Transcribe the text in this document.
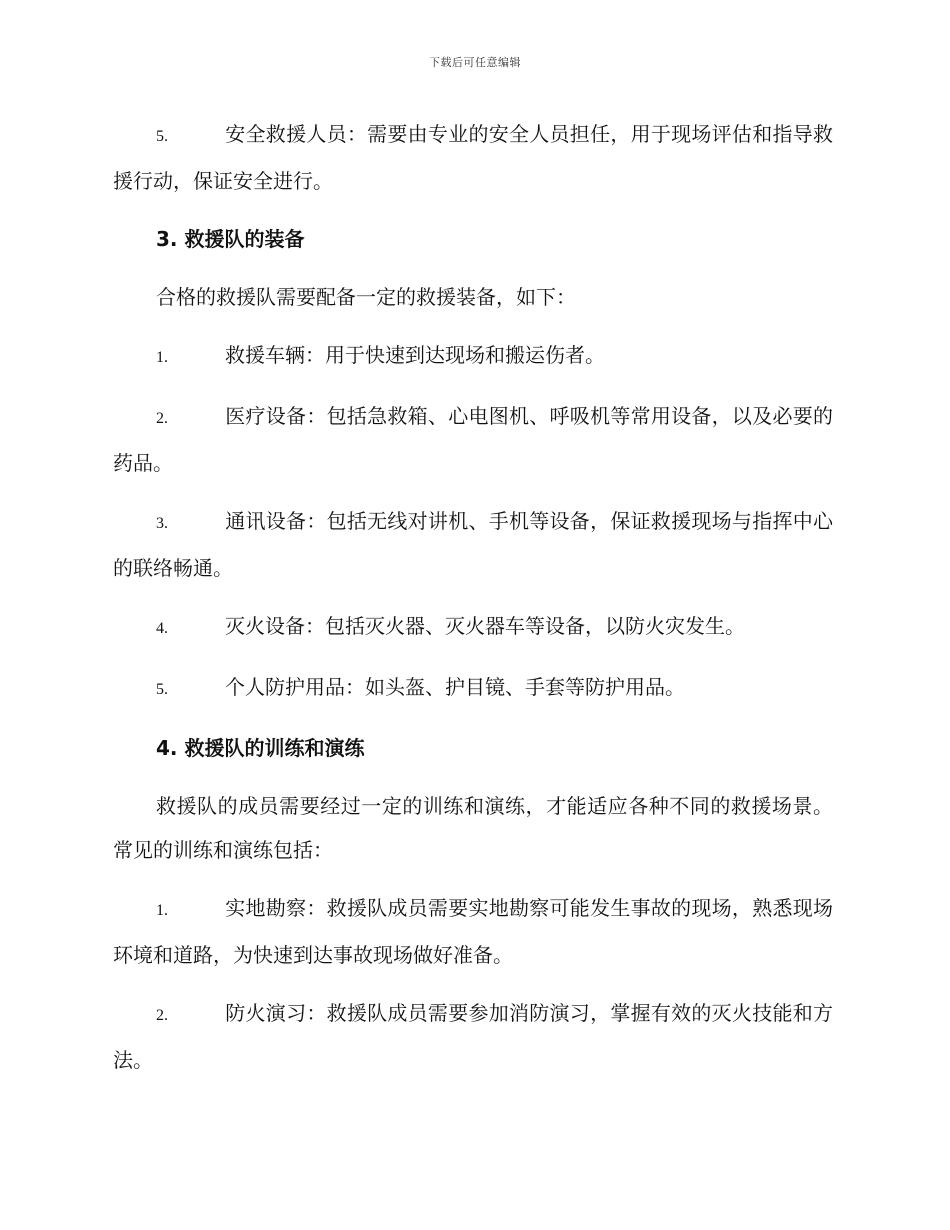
下载后可任意编辑

5.	安全救援人员：需要由专业的安全人员担任，用于现场评估和指导救援行动，保证安全进行。

3. 救援队的装备

合格的救援队需要配备一定的救援装备，如下：

1.	救援车辆：用于快速到达现场和搬运伤者。

2.	医疗设备：包括急救箱、心电图机、呼吸机等常用设备，以及必要的药品。

3.	通讯设备：包括无线对讲机、手机等设备，保证救援现场与指挥中心的联络畅通。

4.	灭火设备：包括灭火器、灭火器车等设备，以防火灾发生。

5.	个人防护用品：如头盔、护目镜、手套等防护用品。

4. 救援队的训练和演练

救援队的成员需要经过一定的训练和演练，才能适应各种不同的救援场景。常见的训练和演练包括：

1.	实地勘察：救援队成员需要实地勘察可能发生事故的现场，熟悉现场环境和道路，为快速到达事故现场做好准备。

2.	防火演习：救援队成员需要参加消防演习，掌握有效的灭火技能和方法。
